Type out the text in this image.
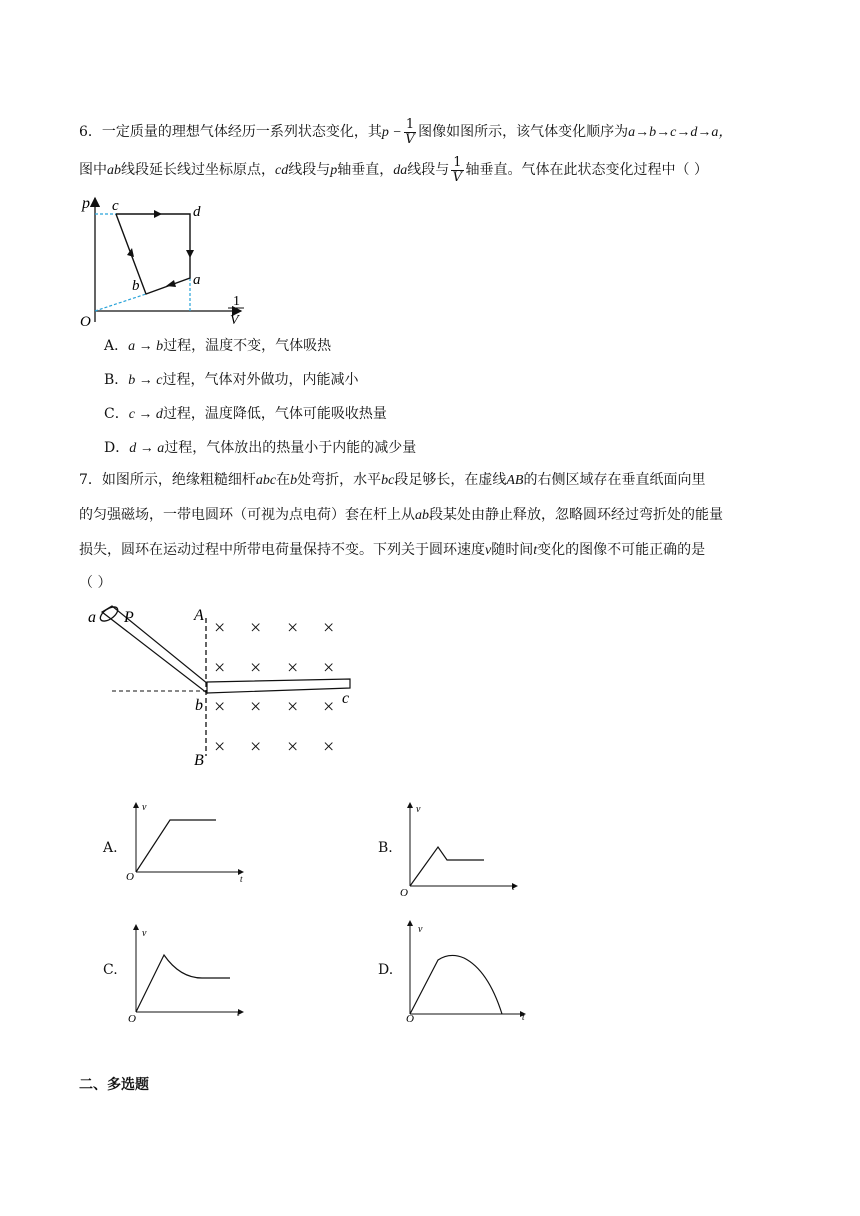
6．一定质量的理想气体经历一系列状态变化，其$p - \frac{1}{V}$ 图像如图所示，该气体变化顺序为a→b→c→d→a，
图中ab线段延长线过坐标原点，cd线段与p轴垂直，da线段与 $\frac{1}{V}$ 轴垂直。气体在此状态变化过程中（ ）
p c	d
a
b
O
1
V
A．a → b过程，温度不变，气体吸热
B．b → c过程，气体对外做功，内能减小
C．c → d过程，温度降低，气体可能吸收热量
D．d → a过程，气体放出的热量小于内能的减少量
7．如图所示，绝缘粗糙细杆abc在b处弯折，水平bc段足够长，在虚线AB的右侧区域存在垂直纸面向里
的匀强磁场，一带电圆环（可视为点电荷）套在杆上从ab段某处由静止释放，忽略圆环经过弯折处的能量
损失，圆环在运动过程中所带电荷量保持不变。下列关于圆环速度v随时间t变化的图像不可能正确的是
（ ）
a P	A
B
b	c
× × × ×
× × × ×
× × × ×
× × × ×
A.
v
t
O
B.
v
t
O
C.
v
t
O
D.
v
t
O
二、多选题
